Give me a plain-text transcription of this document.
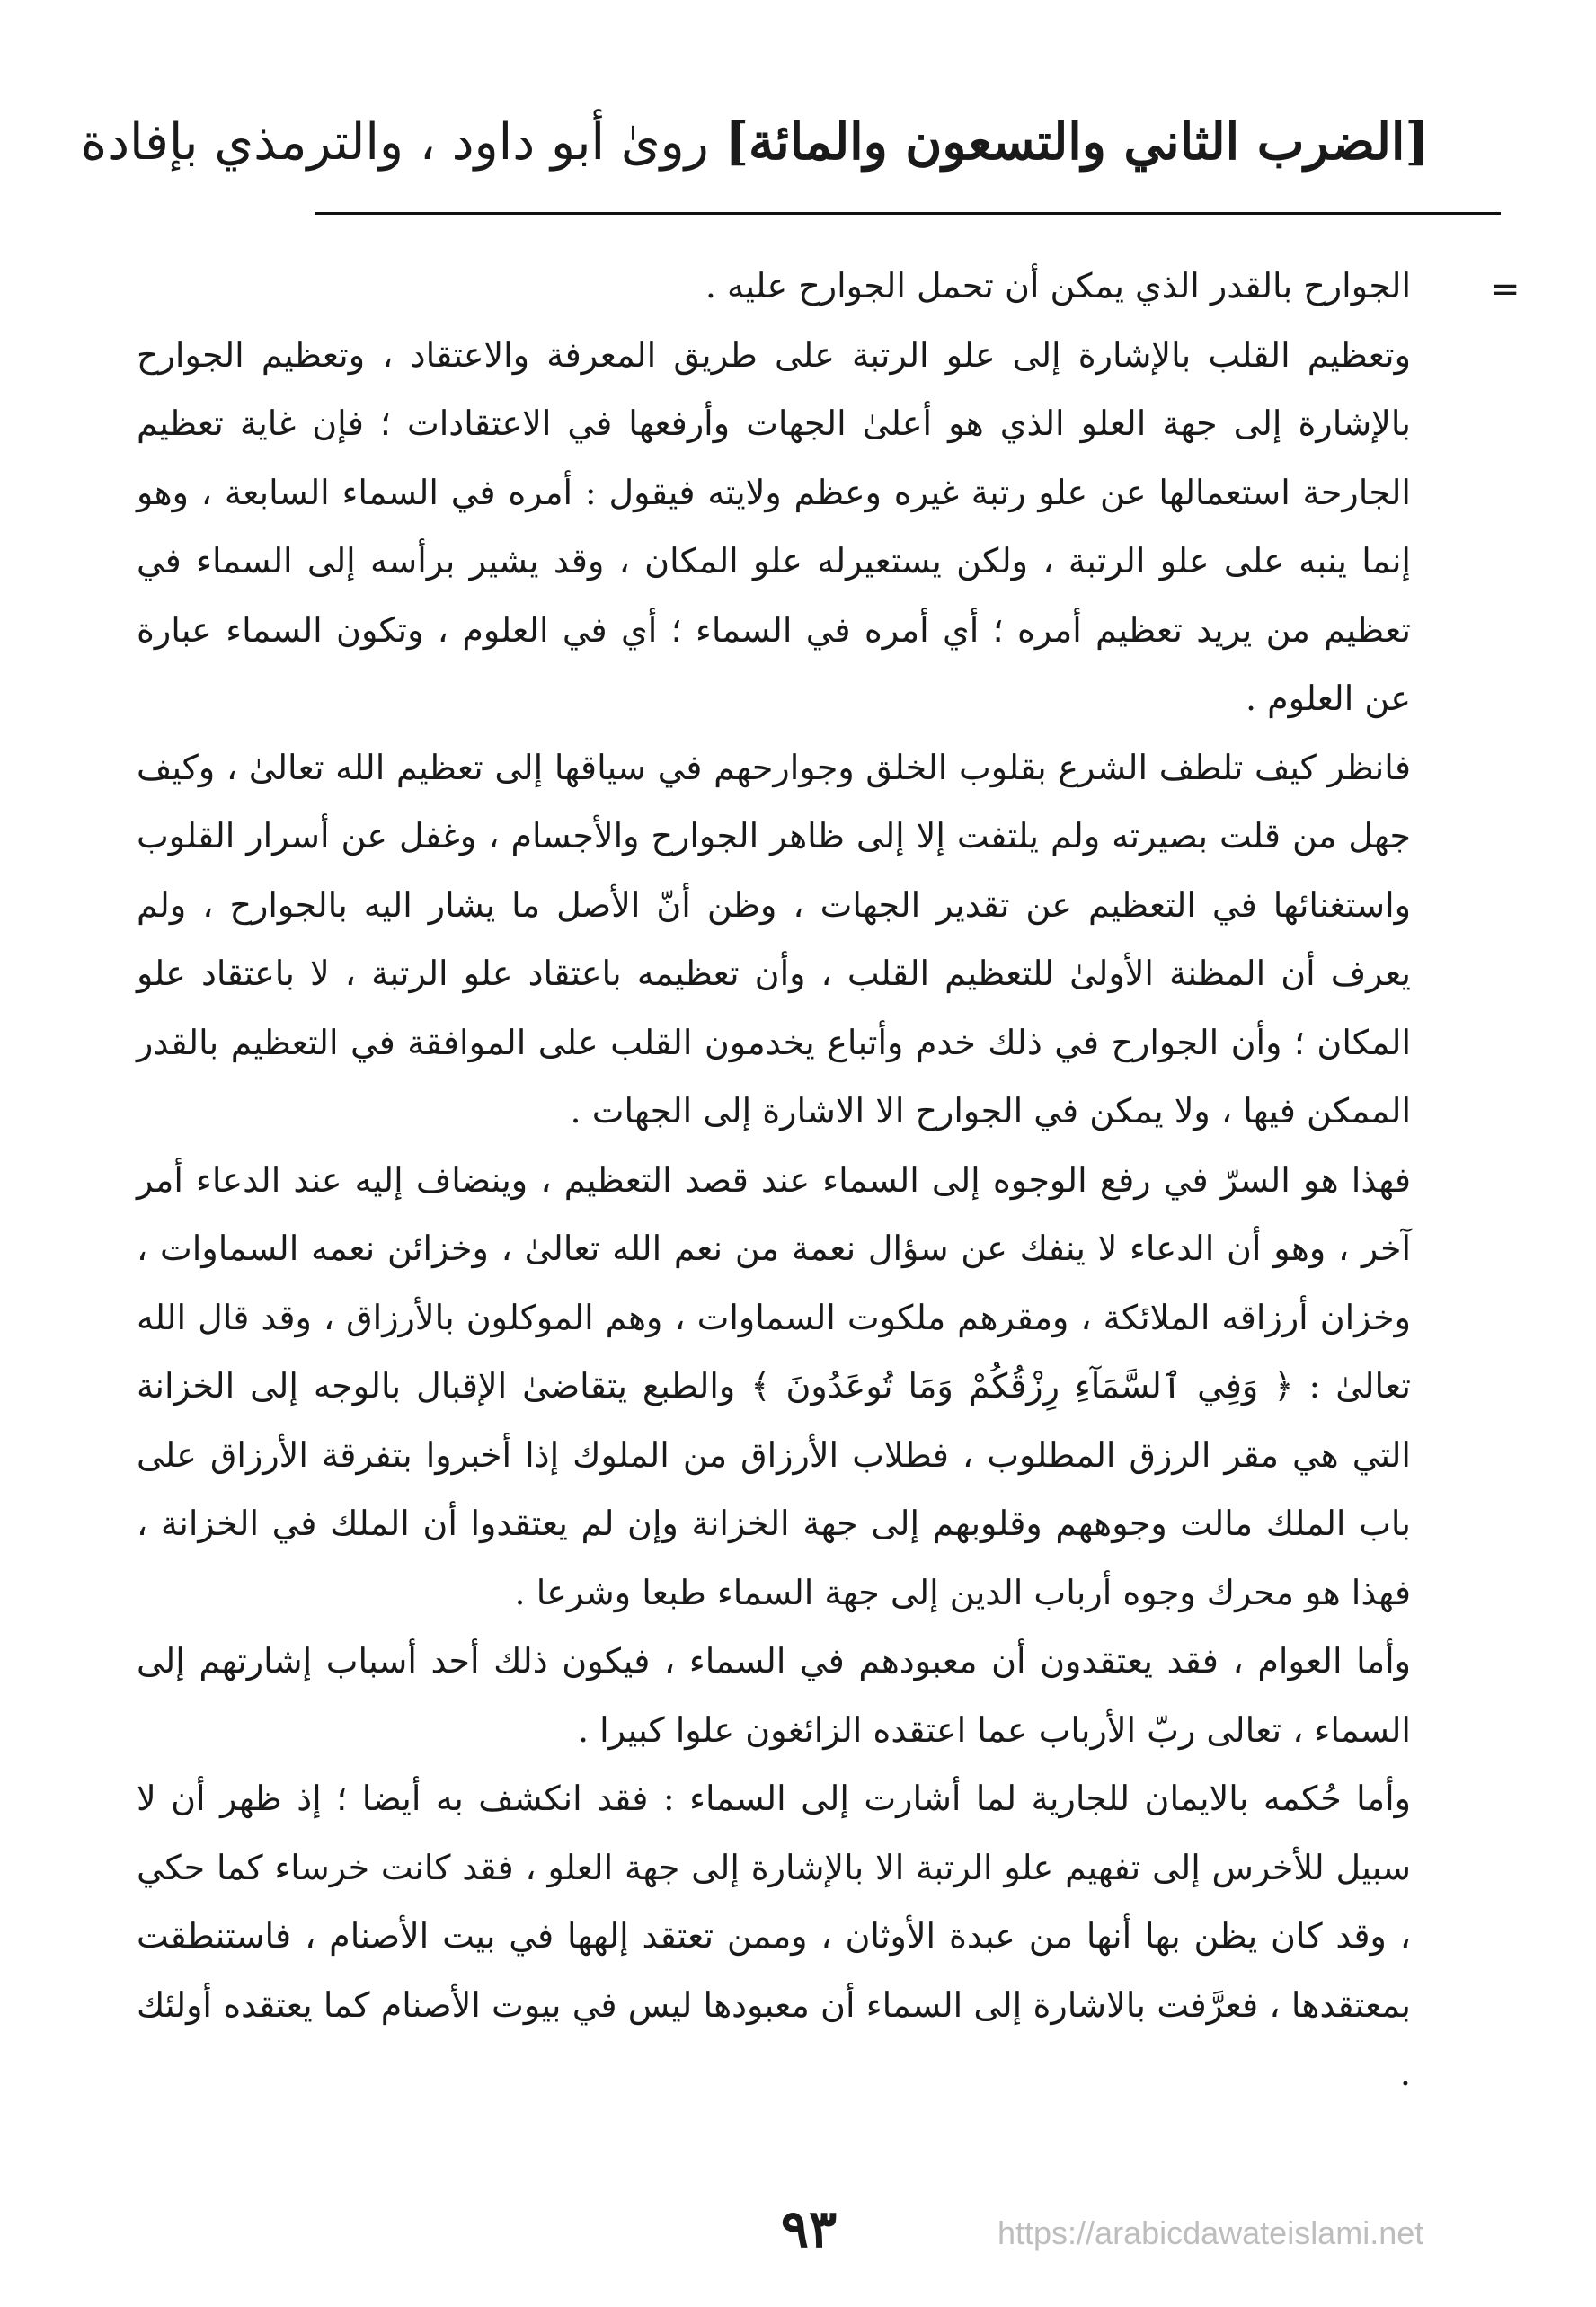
[الضرب الثاني والتسعون والمائة] روىٰ أبو داود ، والترمذي بإفادة
=

الجوارح بالقدر الذي يمكن أن تحمل الجوارح عليه .

وتعظيم القلب بالإشارة إلى علو الرتبة على طريق المعرفة والاعتقاد ، وتعظيم الجوارح بالإشارة إلى جهة العلو الذي هو أعلىٰ الجهات وأرفعها في الاعتقادات ؛ فإن غاية تعظيم الجارحة استعمالها عن علو رتبة غيره وعظم ولايته فيقول : أمره في السماء السابعة ، وهو إنما ينبه على علو الرتبة ، ولكن يستعيرله علو المكان ، وقد يشير برأسه إلى السماء في تعظيم من يريد تعظيم أمره ؛ أي أمره في السماء ؛ أي في العلوم ، وتكون السماء عبارة عن العلوم .

فانظر كيف تلطف الشرع بقلوب الخلق وجوارحهم في سياقها إلى تعظيم الله تعالىٰ ، وكيف جهل من قلت بصيرته ولم يلتفت إلا إلى ظاهر الجوارح والأجسام ، وغفل عن أسرار القلوب واستغنائها في التعظيم عن تقدير الجهات ، وظن أنّ الأصل ما يشار اليه بالجوارح ، ولم يعرف أن المظنة الأولىٰ للتعظيم القلب ، وأن تعظيمه باعتقاد علو الرتبة ، لا باعتقاد علو المكان ؛ وأن الجوارح في ذلك خدم وأتباع يخدمون القلب على الموافقة في التعظيم بالقدر الممكن فيها ، ولا يمكن في الجوارح الا الاشارة إلى الجهات .

فهذا هو السرّ في رفع الوجوه إلى السماء عند قصد التعظيم ، وينضاف إليه عند الدعاء أمر آخر ، وهو أن الدعاء لا ينفك عن سؤال نعمة من نعم الله تعالىٰ ، وخزائن نعمه السماوات ، وخزان أرزاقه الملائكة ، ومقرهم ملكوت السماوات ، وهم الموكلون بالأرزاق ، وقد قال الله تعالىٰ : ﴿ وَفِي ٱلسَّمَآءِ رِزْقُكُمْ وَمَا تُوعَدُونَ ﴾ والطبع يتقاضىٰ الإقبال بالوجه إلى الخزانة التي هي مقر الرزق المطلوب ، فطلاب الأرزاق من الملوك إذا أخبروا بتفرقة الأرزاق على باب الملك مالت وجوههم وقلوبهم إلى جهة الخزانة وإن لم يعتقدوا أن الملك في الخزانة ، فهذا هو محرك وجوه أرباب الدين إلى جهة السماء طبعا وشرعا .

وأما العوام ، فقد يعتقدون أن معبودهم في السماء ، فيكون ذلك أحد أسباب إشارتهم إلى السماء ، تعالى ربّ الأرباب عما اعتقده الزائغون علوا كبيرا .

وأما حُكمه بالايمان للجارية لما أشارت إلى السماء : فقد انكشف به أيضا ؛ إذ ظهر أن لا سبيل للأخرس إلى تفهيم علو الرتبة الا بالإشارة إلى جهة العلو ، فقد كانت خرساء كما حكي ، وقد كان يظن بها أنها من عبدة الأوثان ، وممن تعتقد إلهها في بيت الأصنام ، فاستنطقت بمعتقدها ، فعرَّفت بالاشارة إلى السماء أن معبودها ليس في بيوت الأصنام كما يعتقده أولئك .

٩٣	https://arabicdawateislami.net
